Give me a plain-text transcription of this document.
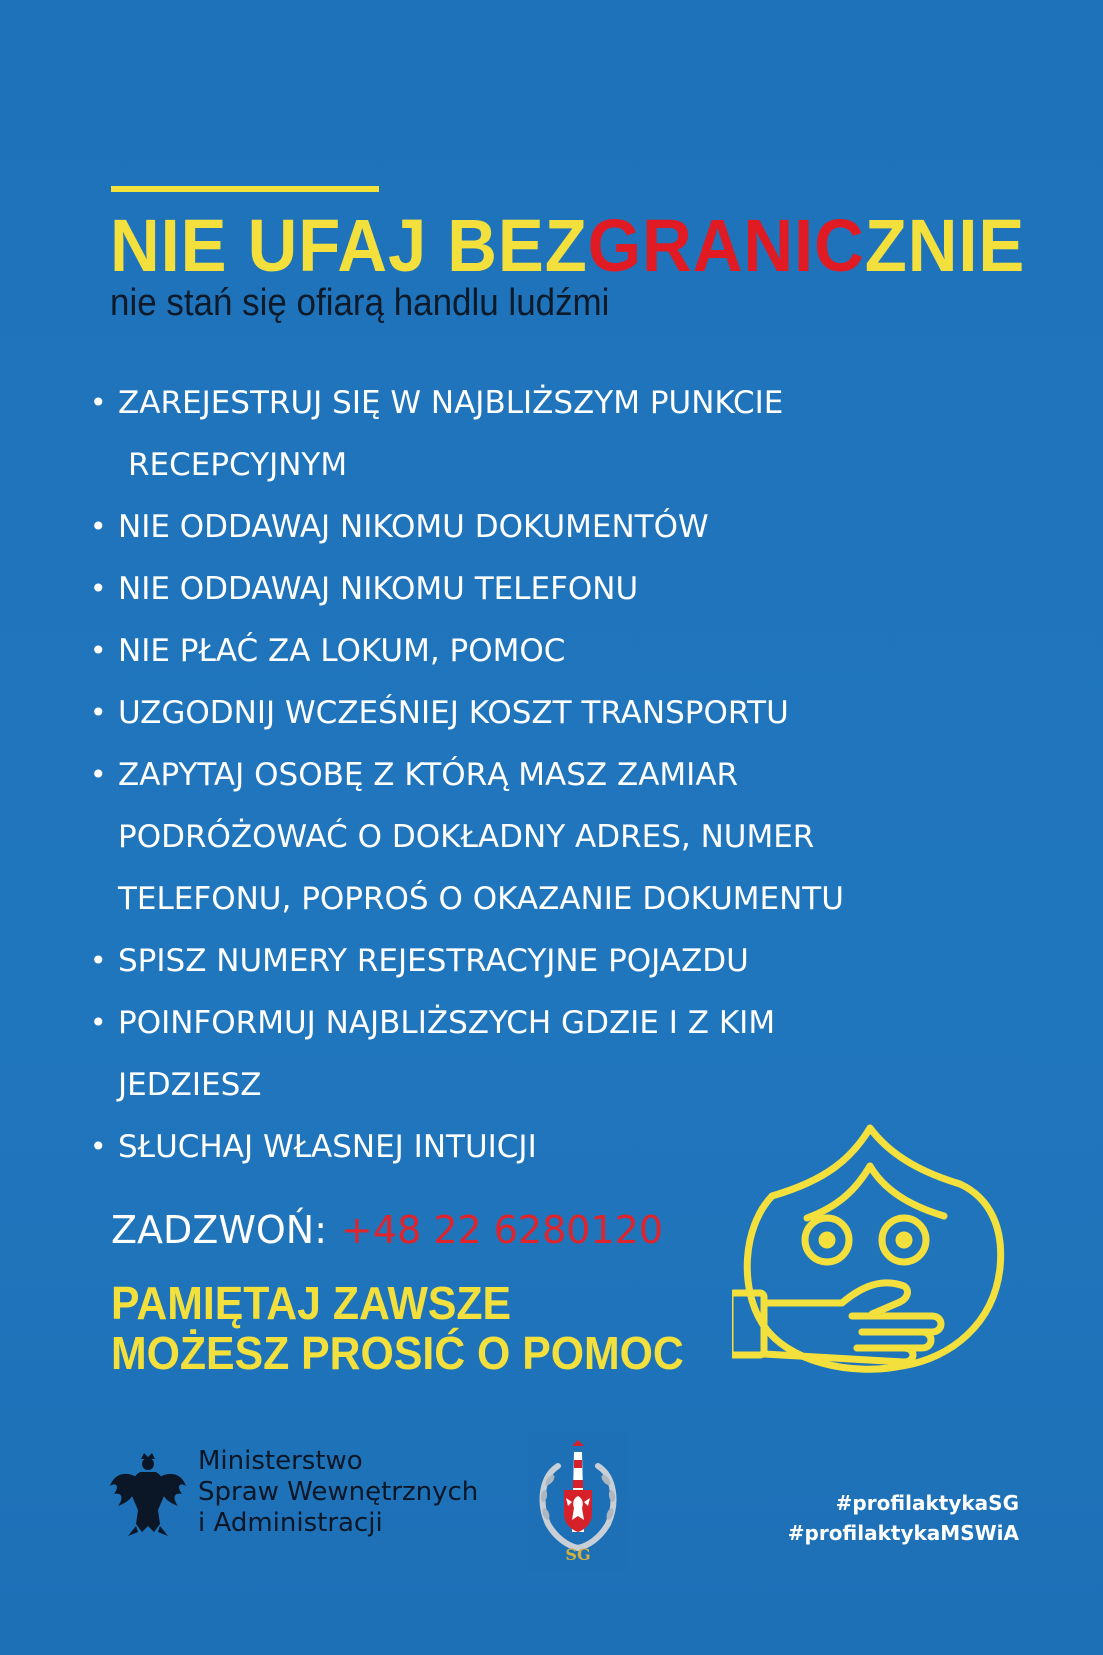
NIE UFAJ BEZGRANICZNIE

nie stań się ofiarą handlu ludźmi

• ZAREJESTRUJ SIĘ W NAJBLIŻSZYM PUNKCIE
RECEPCYJNYM
• NIE ODDAWAJ NIKOMU DOKUMENTÓW
• NIE ODDAWAJ NIKOMU TELEFONU
• NIE PŁAĆ ZA LOKUM, POMOC
• UZGODNIJ WCZEŚNIEJ KOSZT TRANSPORTU
• ZAPYTAJ OSOBĘ Z KTÓRĄ MASZ ZAMIAR
PODRÓŻOWAĆ O DOKŁADNY ADRES, NUMER
TELEFONU, POPROŚ O OKAZANIE DOKUMENTU
• SPISZ NUMERY REJESTRACYJNE POJAZDU
• POINFORMUJ NAJBLIŻSZYCH GDZIE I Z KIM
JEDZIESZ
• SŁUCHAJ WŁASNEJ INTUICJI

ZADZWOŃ: +48 22 6280120

PAMIĘTAJ ZAWSZE
MOŻESZ PROSIĆ O POMOC

Ministerstwo
Spraw Wewnętrznych
i Administracji
SG
#profilaktykaSG
#profilaktykaMSWiA
